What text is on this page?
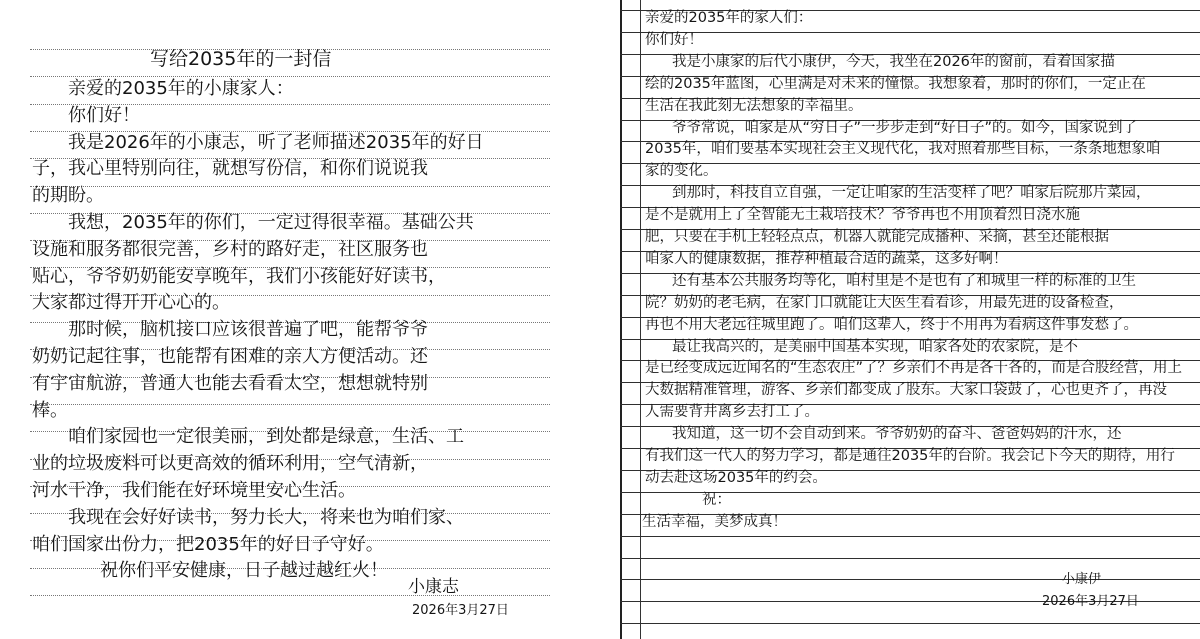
写给2035年的一封信
亲爱的2035年的小康家人：
你们好！
我是2026年的小康志，听了老师描述2035年的好日
子，我心里特别向往，就想写份信，和你们说说我
的期盼。
我想，2035年的你们，一定过得很幸福。基础公共
设施和服务都很完善，乡村的路好走，社区服务也
贴心，爷爷奶奶能安享晚年，我们小孩能好好读书，
大家都过得开开心心的。
那时候，脑机接口应该很普遍了吧，能帮爷爷
奶奶记起往事，也能帮有困难的亲人方便活动。还
有宇宙航游，普通人也能去看看太空，想想就特别
棒。
咱们家园也一定很美丽，到处都是绿意，生活、工
业的垃圾废料可以更高效的循环利用，空气清新，
河水干净，我们能在好环境里安心生活。
我现在会好好读书，努力长大，将来也为咱们家、
咱们国家出份力，把2035年的好日子守好。
祝你们平安健康，日子越过越红火！
小康志
2026年3月27日
亲爱的2035年的家人们：
你们好！
我是小康家的后代小康伊，今天，我坐在2026年的窗前，看着国家描
绘的2035年蓝图，心里满是对未来的憧憬。我想象着，那时的你们，一定正在
生活在我此刻无法想象的幸福里。
爷爷常说，咱家是从“穷日子”一步步走到“好日子”的。如今，国家说到了
2035年，咱们要基本实现社会主义现代化，我对照着那些目标，一条条地想象咱
家的变化。
到那时，科技自立自强，一定让咱家的生活变样了吧？咱家后院那片菜园，
是不是就用上了全智能无土栽培技术？爷爷再也不用顶着烈日浇水施
肥，只要在手机上轻轻点点，机器人就能完成播种、采摘，甚至还能根据
咱家人的健康数据，推荐种植最合适的蔬菜，这多好啊！
还有基本公共服务均等化，咱村里是不是也有了和城里一样的标准的卫生
院？奶奶的老毛病，在家门口就能让大医生看看诊，用最先进的设备检查，
再也不用大老远往城里跑了。咱们这辈人，终于不用再为看病这件事发愁了。
最让我高兴的，是美丽中国基本实现，咱家各处的农家院，是不
是已经变成远近闻名的“生态农庄”了？乡亲们不再是各干各的，而是合股经营，用上
大数据精准管理，游客、乡亲们都变成了股东。大家口袋鼓了，心也更齐了，再没
人需要背井离乡去打工了。
我知道，这一切不会自动到来。爷爷奶奶的奋斗、爸爸妈妈的汗水，还
有我们这一代人的努力学习，都是通往2035年的台阶。我会记下今天的期待，用行
动去赴这场2035年的约会。
祝：
生活幸福，美梦成真！
小康伊
2026年3月27日
